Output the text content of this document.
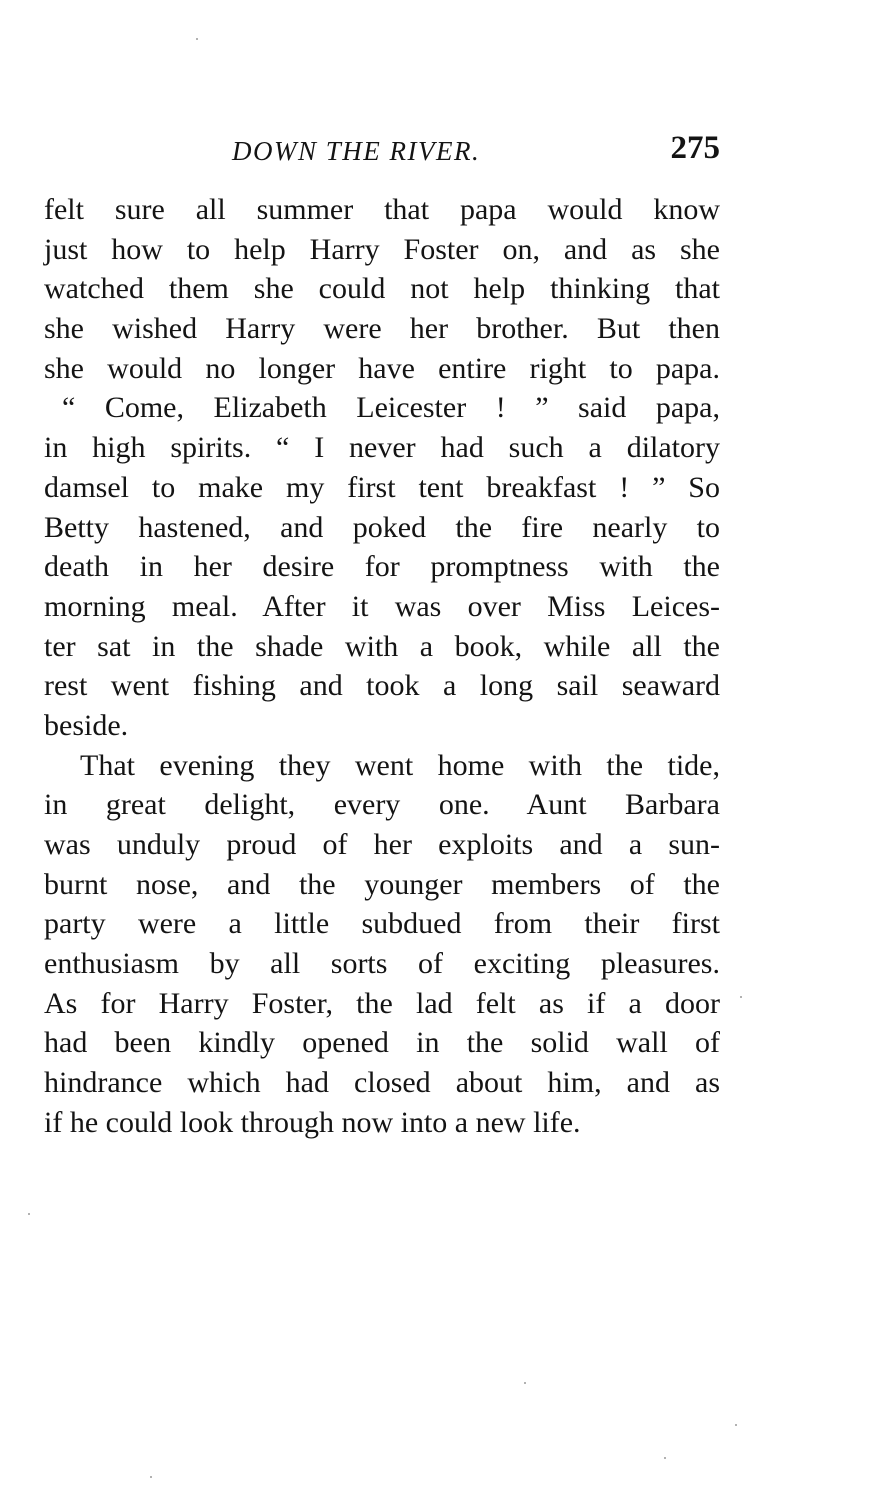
DOWN THE RIVER.	275
felt sure all summer that papa would know
just how to help Harry Foster on, and as she
watched them she could not help thinking that
she wished Harry were her brother. But then
she would no longer have entire right to papa.
“ Come, Elizabeth Leicester ! ” said papa,
in high spirits. “ I never had such a dilatory
damsel to make my first tent breakfast ! ” So
Betty hastened, and poked the fire nearly to
death in her desire for promptness with the
morning meal. After it was over Miss Leices-
ter sat in the shade with a book, while all the
rest went fishing and took a long sail seaward
beside.
That evening they went home with the tide,
in great delight, every one. Aunt Barbara
was unduly proud of her exploits and a sun-
burnt nose, and the younger members of the
party were a little subdued from their first
enthusiasm by all sorts of exciting pleasures.
As for Harry Foster, the lad felt as if a door
had been kindly opened in the solid wall of
hindrance which had closed about him, and as
if he could look through now into a new life.
